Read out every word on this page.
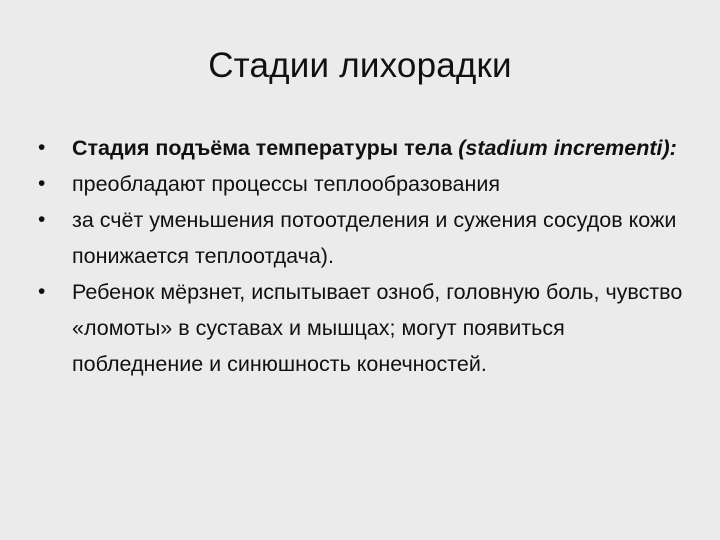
Стадии лихорадки
• Стадия подъёма температуры тела (stadium incrementi):
• преобладают процессы теплообразования
• за счёт уменьшения потоотделения и сужения сосудов кожи понижается теплоотдача).
• Ребенок мёрзнет, испытывает озноб, головную боль, чувство «ломоты» в суставах и мышцах; могут появиться побледнение и синюшность конечностей.
